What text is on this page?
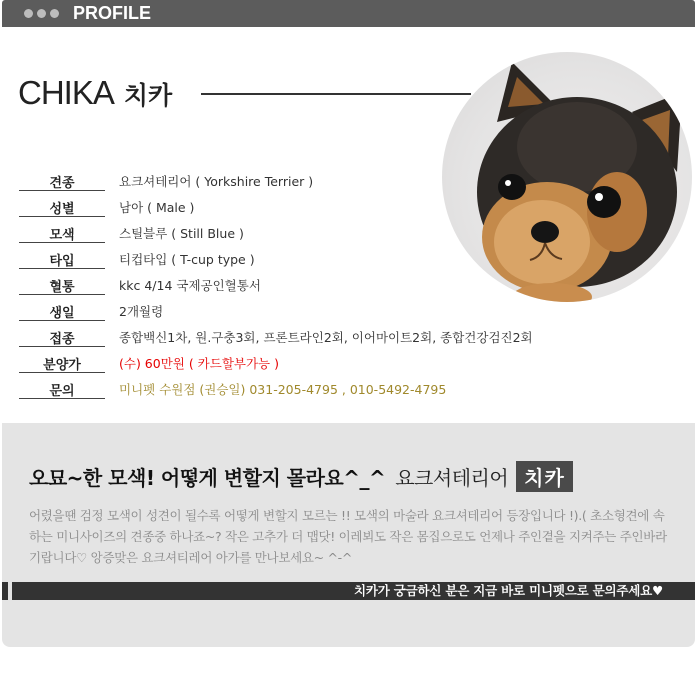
PROFILE
CHIKA 치카
견종	요크셔테리어 ( Yorkshire Terrier )
성별	남아 ( Male )
모색	스틸블루 ( Still Blue )
타입	티컵타입 ( T-cup type )
혈통	kkc 4/14 국제공인혈통서
생일	2개월령
접종	종합백신1차, 원.구충3회, 프론트라인2회, 이어마이트2회, 종합건강검진2회
분양가	(수) 60만원 ( 카드할부가능 )
문의	미니펫 수원점 (권승일) 031-205-4795 , 010-5492-4795
오묘~한 모색! 어떻게 변할지 몰라요^_^ 요크셔테리어 치카
어렸을땐 검정 모색이 성견이 될수록 어떻게 변할지 모르는 !! 모색의 마술라 요크셔테리어 등장입니다 !).( 초소형견에 속하는 미니사이즈의 견종중 하나죠~? 작은 고추가 더 맵닷! 이레뵈도 작은 몸집으로도 언제나 주인곁을 지켜주는 주인바라기랍니다♡ 앙증맞은 요크셔티레어 아가를 만나보세요~ ^-^
치카가 궁금하신 분은 지금 바로 미니펫으로 문의주세요♥
